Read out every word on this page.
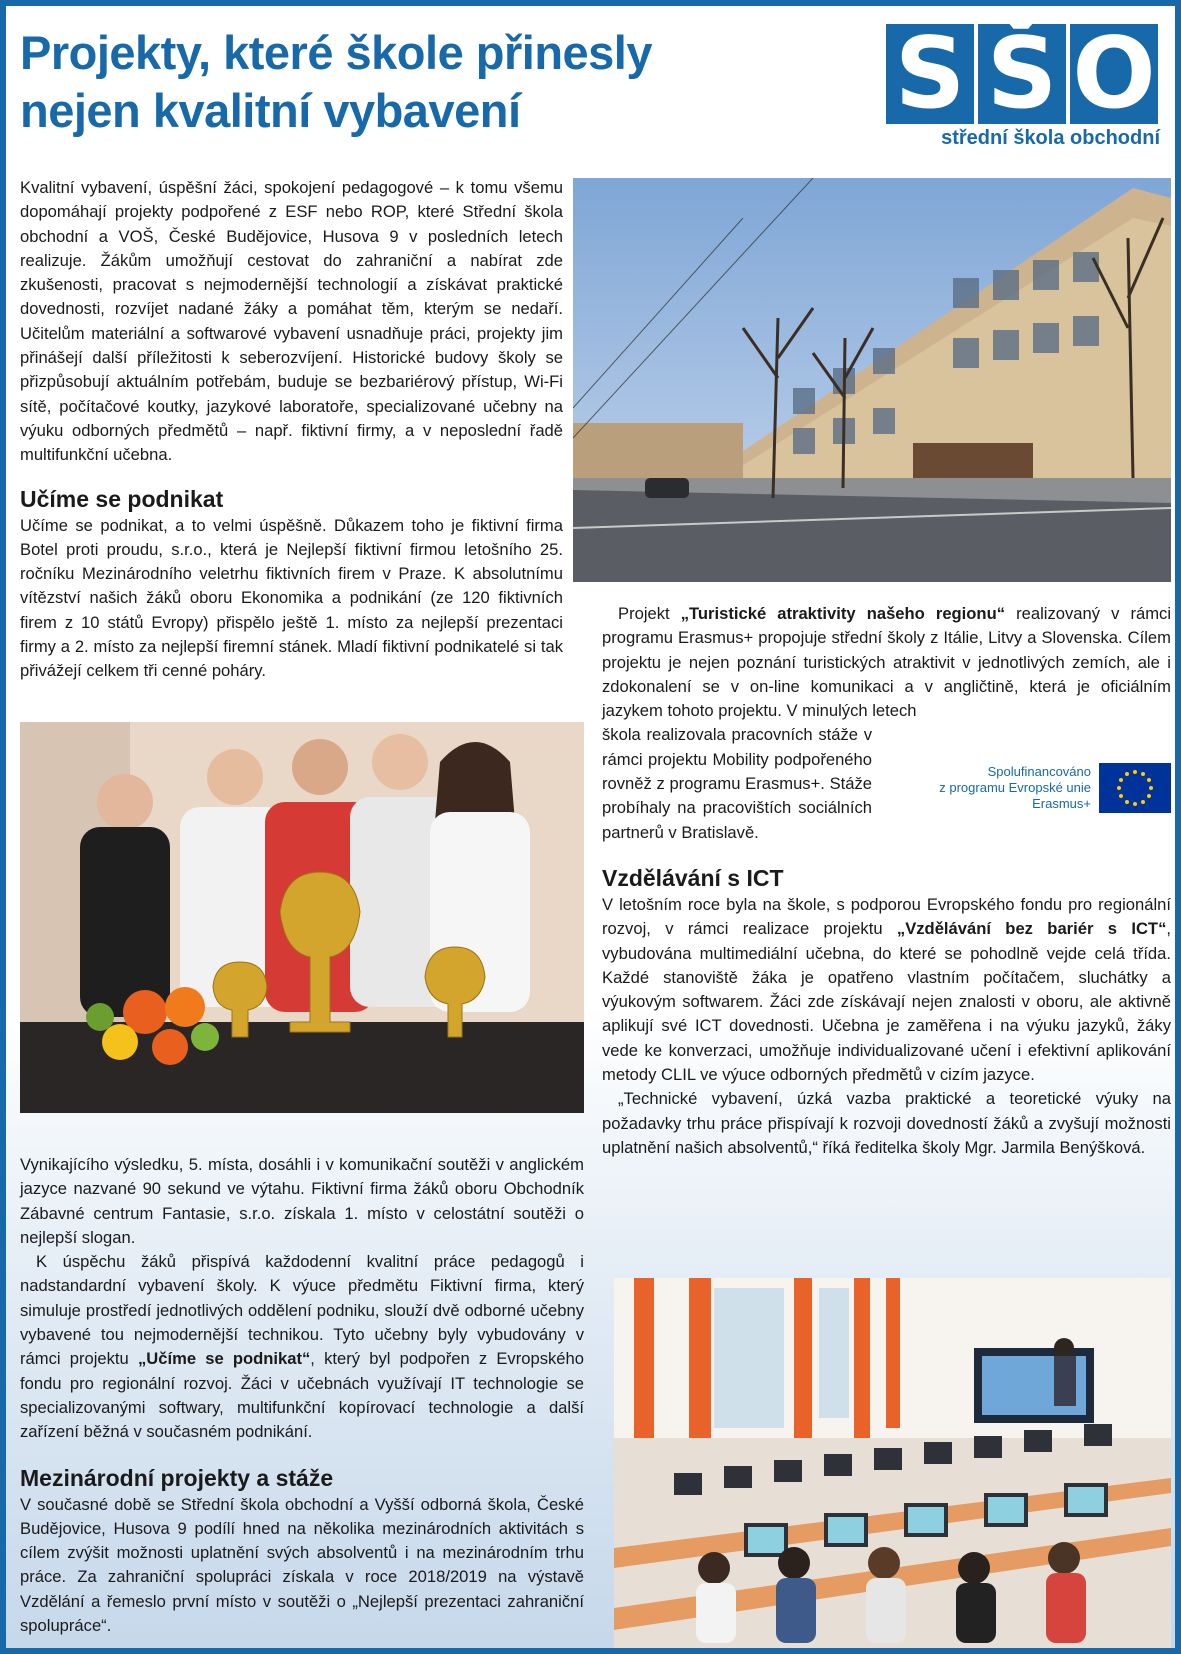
Projekty, které škole přinesly
nejen kvalitní vybavení	S Š O
střední škola obchodní

Kvalitní vybavení, úspěšní žáci, spokojení pedagogové – k tomu všemu dopomáhají projekty podpořené z ESF nebo ROP, které Střední škola obchodní a VOŠ, České Budějovice, Husova 9 v posledních letech realizuje. Žákům umožňují cestovat do zahraniční a nabírat zde zkušenosti, pracovat s nejmodernější technologií a získávat praktické dovednosti, rozvíjet nadané žáky a pomáhat těm, kterým se nedaří. Učitelům materiální a softwarové vybavení usnadňuje práci, projekty jim přinášejí další příležitosti k seberozvíjení. Historické budovy školy se přizpůsobují aktuálním potřebám, buduje se bezbariérový přístup, Wi-Fi sítě, počítačové koutky, jazykové laboratoře, specializované učebny na výuku odborných předmětů – např. fiktivní firmy, a v neposlední řadě multifunkční učebna.

Učíme se podnikat

Učíme se podnikat, a to velmi úspěšně. Důkazem toho je fiktivní firma Botel proti proudu, s.r.o., která je Nejlepší fiktivní firmou letošního 25. ročníku Mezinárodního veletrhu fiktivních firem v Praze. K absolutnímu vítězství našich žáků oboru Ekonomika a podnikání (ze 120 fiktivních firem z 10 států Evropy) přispělo ještě 1. místo za nejlepší prezentaci firmy a 2. místo za nejlepší firemní stánek. Mladí fiktivní podnikatelé si tak přivážejí celkem tři cenné poháry.

Vynikajícího výsledku, 5. místa, dosáhli i v komunikační soutěži v anglickém jazyce nazvané 90 sekund ve výtahu. Fiktivní firma žáků oboru Obchodník Zábavné centrum Fantasie, s.r.o. získala 1. místo v celostátní soutěži o nejlepší slogan.

K úspěchu žáků přispívá každodenní kvalitní práce pedagogů i nadstandardní vybavení školy. K výuce předmětu Fiktivní firma, který simuluje prostředí jednotlivých oddělení podniku, slouží dvě odborné učebny vybavené tou nejmodernější technikou. Tyto učebny byly vybudovány v rámci projektu „Učíme se podnikat“, který byl podpořen z Evropského fondu pro regionální rozvoj. Žáci v učebnách využívají IT technologie se specializovanými softwary, multifunkční kopírovací technologie a další zařízení běžná v současném podnikání.

Mezinárodní projekty a stáže

V současné době se Střední škola obchodní a Vyšší odborná škola, České Budějovice, Husova 9 podílí hned na několika mezinárodních aktivitách s cílem zvýšit možnosti uplatnění svých absolventů i na mezinárodním trhu práce. Za zahraniční spolupráci získala v roce 2018/2019 na výstavě Vzdělání a řemeslo první místo v soutěži o „Nejlepší prezentaci zahraniční spolupráce“.

Projekt „Turistické atraktivity našeho regionu“ realizovaný v rámci programu Erasmus+ propojuje střední školy z Itálie, Litvy a Slovenska. Cílem projektu je nejen poznání turistických atraktivit v jednotlivých zemích, ale i zdokonalení se v on-line komunikaci a v angličtině, která je oficiálním jazykem tohoto projektu. V minulých letech

škola realizovala pracovních stáže v rámci projektu Mobility podpořeného rovněž z programu Erasmus+. Stáže probíhaly na pracovištích sociálních partnerů v Bratislavě.

Spolufinancováno
z programu Evropské unie
Erasmus+
Vzdělávání s ICT

V letošním roce byla na škole, s podporou Evropského fondu pro regionální rozvoj, v rámci realizace projektu „Vzdělávání bez bariér s ICT“, vybudována multimediální učebna, do které se pohodlně vejde celá třída. Každé stanoviště žáka je opatřeno vlastním počítačem, sluchátky a výukovým softwarem. Žáci zde získávají nejen znalosti v oboru, ale aktivně aplikují své ICT dovednosti. Učebna je zaměřena i na výuku jazyků, žáky vede ke konverzaci, umožňuje individualizované učení i efektivní aplikování metody CLIL ve výuce odborných předmětů v cizím jazyce.

„Technické vybavení, úzká vazba praktické a teoretické výuky na požadavky trhu práce přispívají k rozvoji dovedností žáků a zvyšují možnosti uplatnění našich absolventů,“ říká ředitelka školy Mgr. Jarmila Benýšková.
